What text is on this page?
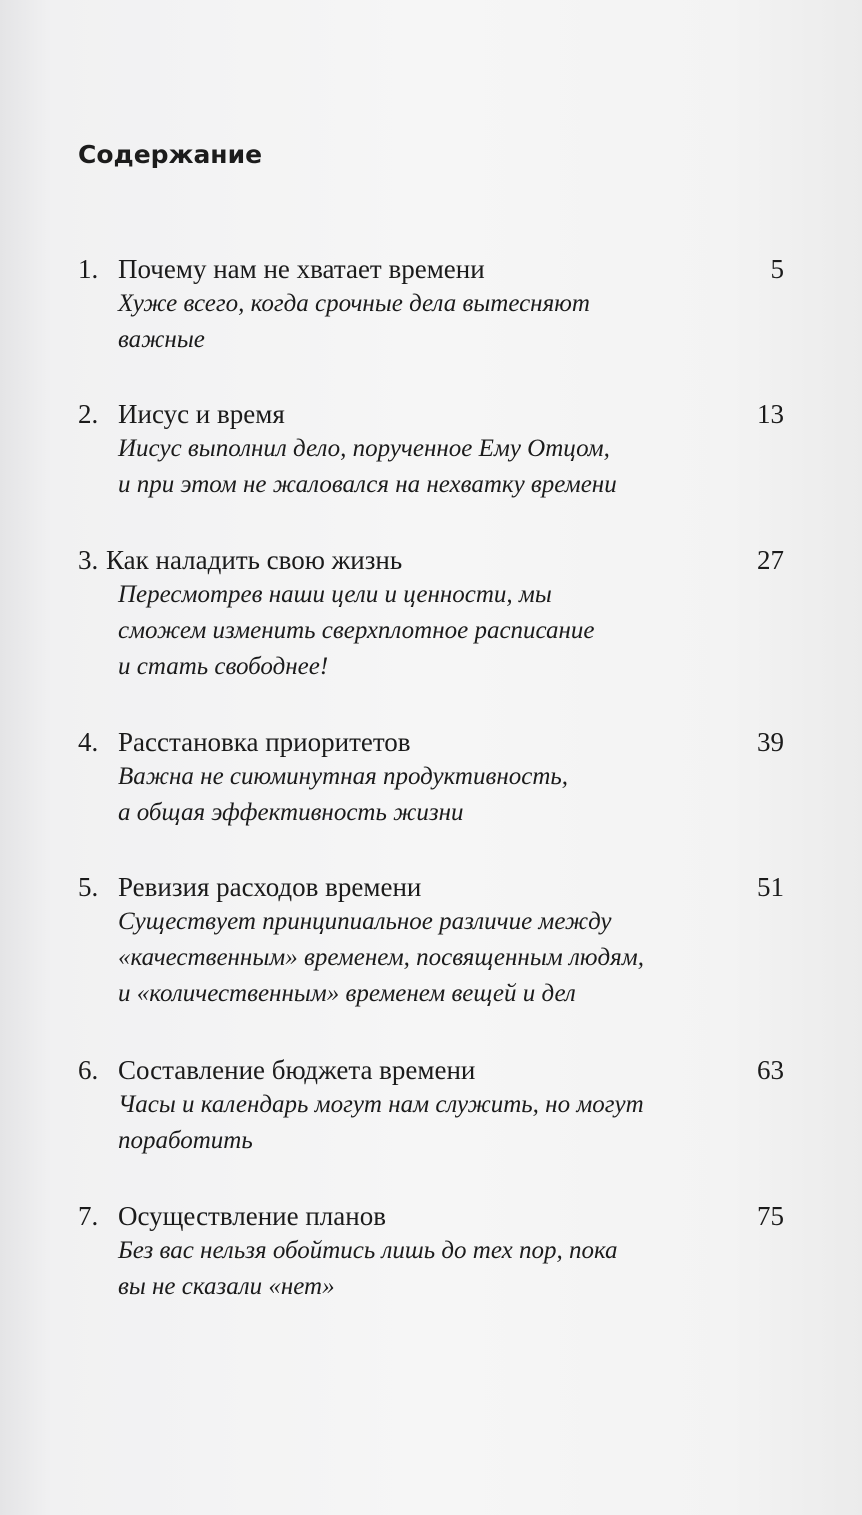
Содержание
1. Почему нам не хватает времени	5
Хуже всего, когда срочные дела вытесняют
важные
2. Иисус и время	13
Иисус выполнил дело, порученное Ему Отцом,
и при этом не жаловался на нехватку времени
3. Как наладить свою жизнь	27
Пересмотрев наши цели и ценности, мы
сможем изменить сверхплотное расписание
и стать свободнее!
4. Расстановка приоритетов	39
Важна не сиюминутная продуктивность,
а общая эффективность жизни
5. Ревизия расходов времени	51
Существует принципиальное различие между
«качественным» временем, посвященным людям,
и «количественным» временем вещей и дел
6. Составление бюджета времени	63
Часы и календарь могут нам служить, но могут
поработить
7. Осуществление планов	75
Без вас нельзя обойтись лишь до тех пор, пока
вы не сказали «нет»
